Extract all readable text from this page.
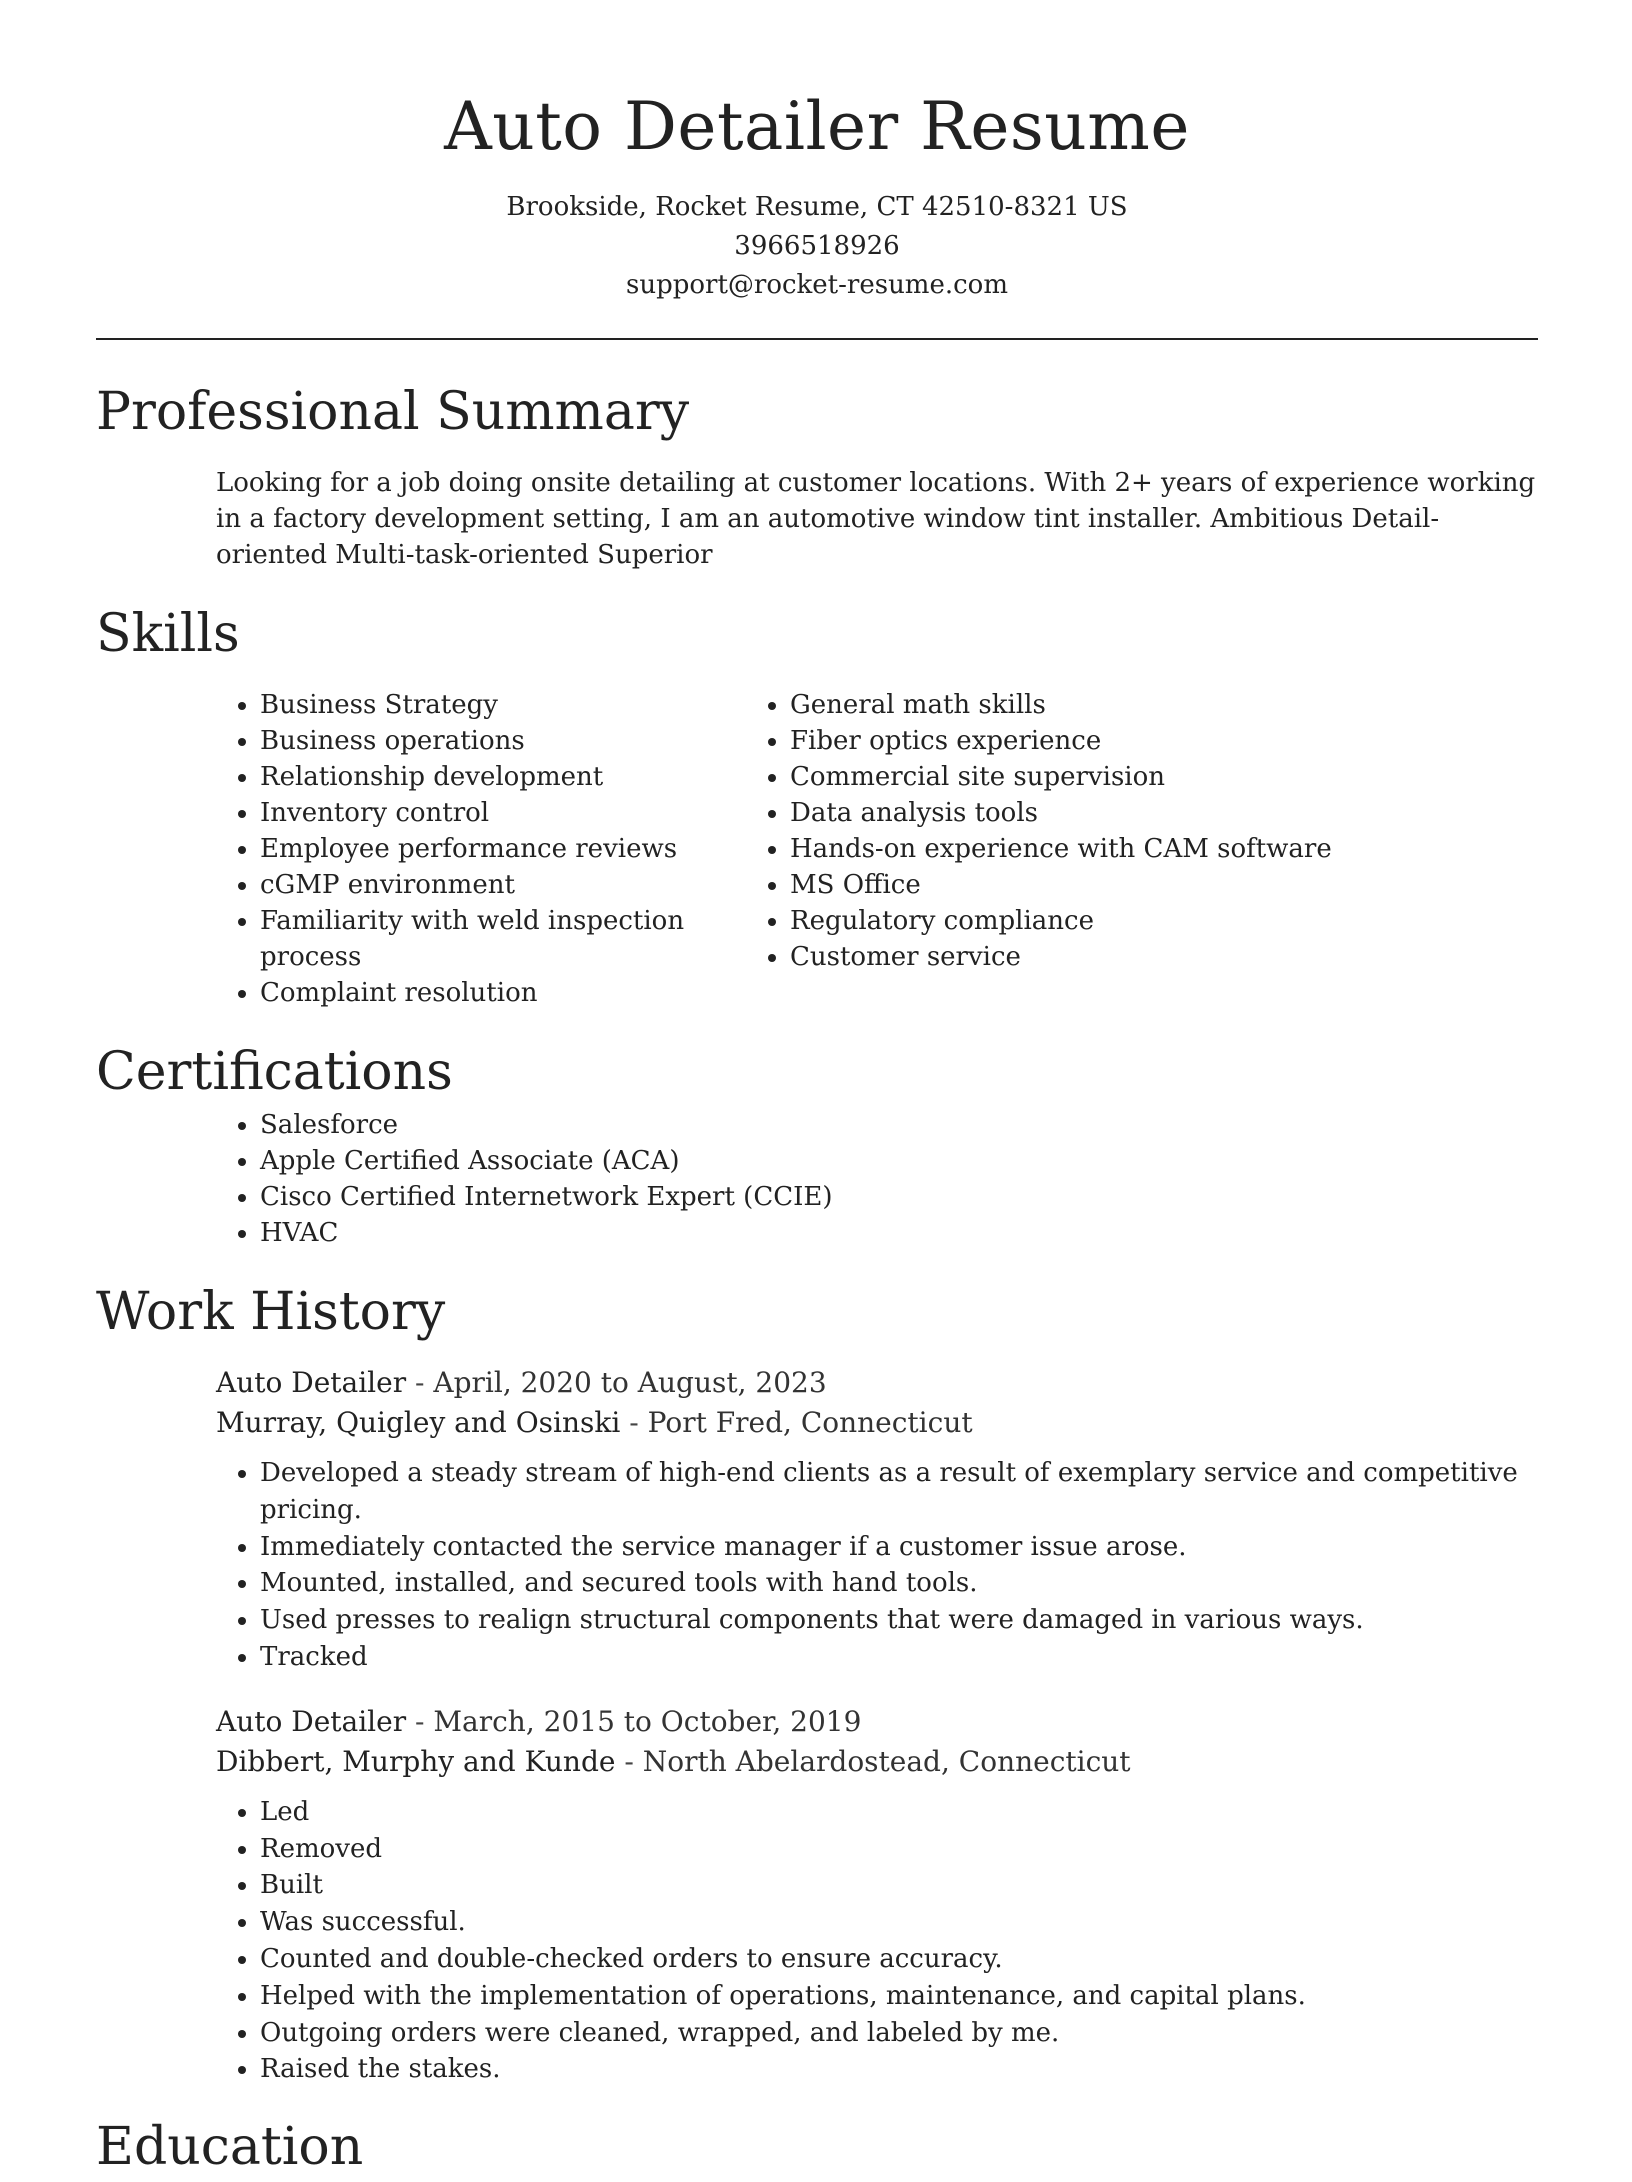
Auto Detailer Resume
Brookside, Rocket Resume, CT 42510-8321 US
3966518926
support@rocket-resume.com
Professional Summary

Looking for a job doing onsite detailing at customer locations. With 2+ years of experience working in a factory development setting, I am an automotive window tint installer. Ambitious Detail-oriented Multi-task-oriented Superior

Skills
• Business Strategy
• Business operations
• Relationship development
• Inventory control
• Employee performance reviews
• cGMP environment
• Familiarity with weld inspection process
• Complaint resolution
• General math skills
• Fiber optics experience
• Commercial site supervision
• Data analysis tools
• Hands-on experience with CAM software
• MS Office
• Regulatory compliance
• Customer service
Certifications
• Salesforce
• Apple Certified Associate (ACA)
• Cisco Certified Internetwork Expert (CCIE)
• HVAC
Work History
Auto Detailer - April, 2020 to August, 2023
Murray, Quigley and Osinski - Port Fred, Connecticut
• Developed a steady stream of high-end clients as a result of exemplary service and competitive pricing.
• Immediately contacted the service manager if a customer issue arose.
• Mounted, installed, and secured tools with hand tools.
• Used presses to realign structural components that were damaged in various ways.
• Tracked
Auto Detailer - March, 2015 to October, 2019
Dibbert, Murphy and Kunde - North Abelardostead, Connecticut
• Led
• Removed
• Built
• Was successful.
• Counted and double-checked orders to ensure accuracy.
• Helped with the implementation of operations, maintenance, and capital plans.
• Outgoing orders were cleaned, wrapped, and labeled by me.
• Raised the stakes.
Education
